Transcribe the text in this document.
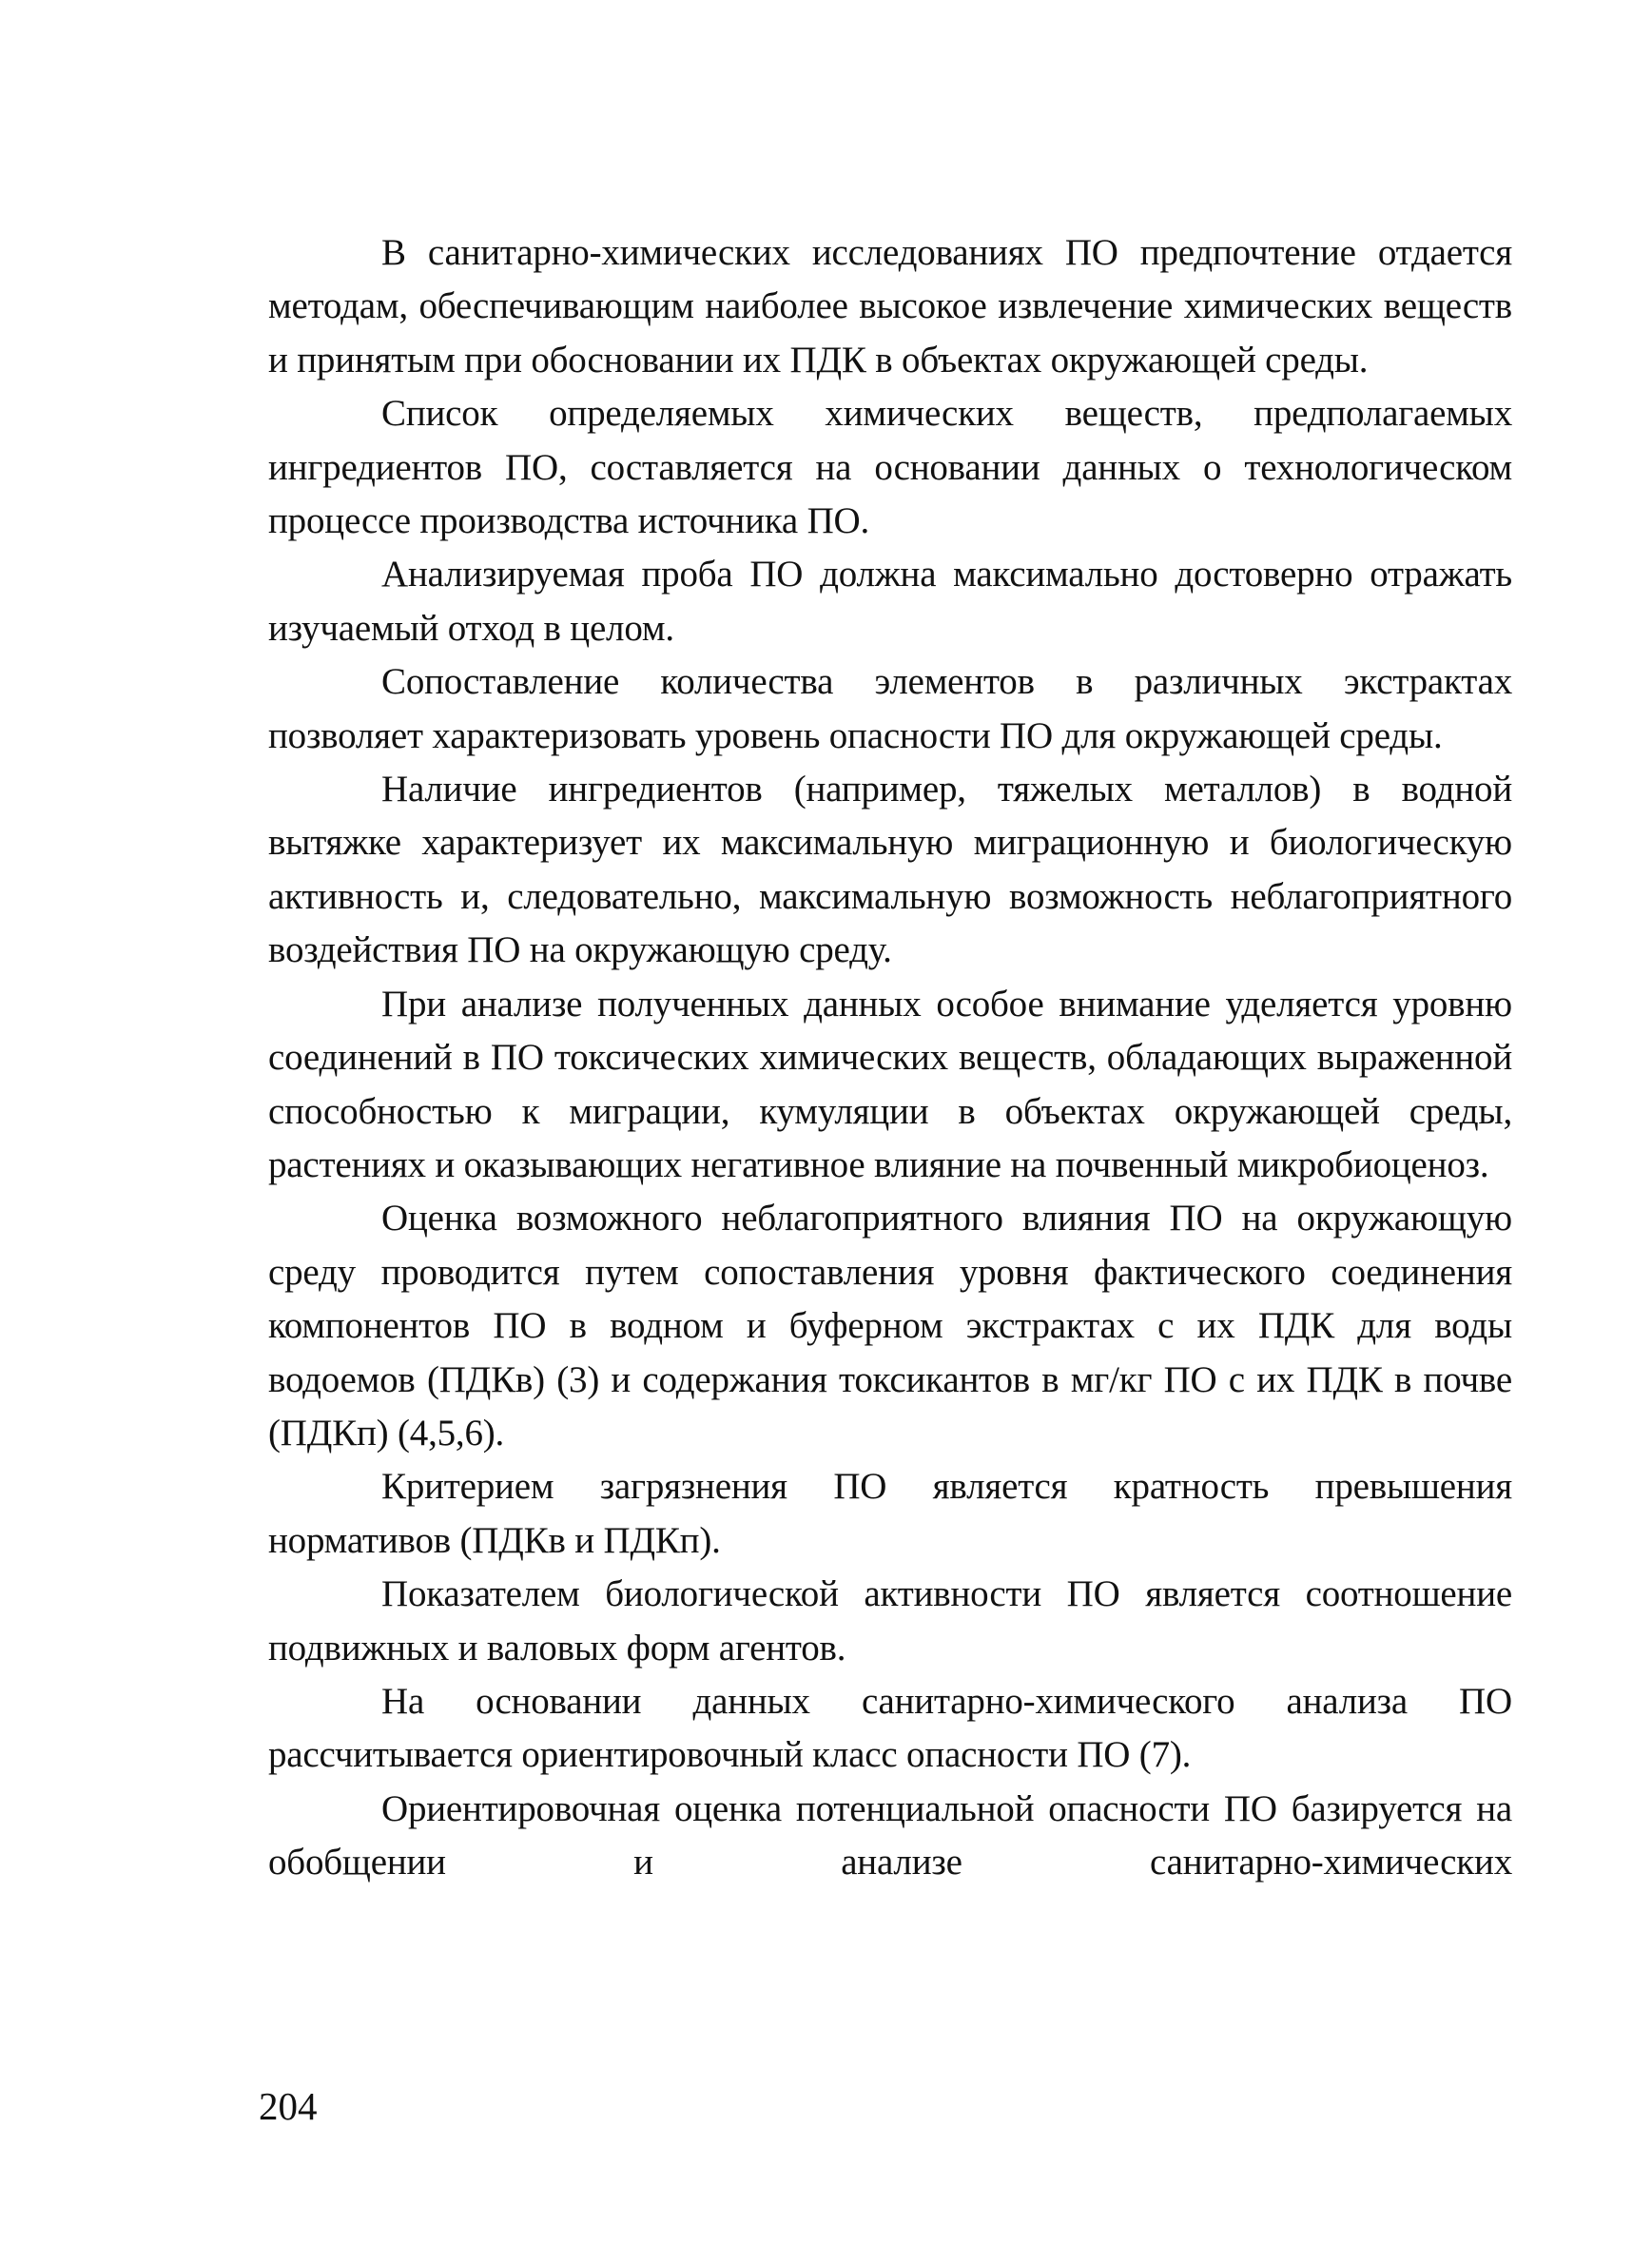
В санитарно-химических исследованиях ПО предпочтение отдается методам, обеспечивающим наиболее высокое извлечение химических веществ и принятым при обосновании их ПДК в объектах окружающей среды.

Список определяемых химических веществ, предполагаемых ингредиентов ПО, составляется на основании данных о технологическом процессе производства источника ПО.

Анализируемая проба ПО должна максимально достоверно отражать изучаемый отход в целом.

Сопоставление количества элементов в различных экстрактах позволяет характеризовать уровень опасности ПО для окружающей среды.

Наличие ингредиентов (например, тяжелых металлов) в водной вытяжке характеризует их максимальную миграционную и биологическую активность и, следовательно, максимальную возможность неблагоприятного воздействия ПО на окружающую среду.

При анализе полученных данных особое внимание уделяется уровню соединений в ПО токсических химических веществ, обладающих выраженной способностью к миграции, кумуляции в объектах окружающей среды, растениях и оказывающих негативное влияние на почвенный микробиоценоз.

Оценка возможного неблагоприятного влияния ПО на окружающую среду проводится путем сопоставления уровня фактического соединения компонентов ПО в водном и буферном экстрактах с их ПДК для воды водоемов (ПДКв) (3) и содержания токсикантов в мг/кг ПО с их ПДК в почве (ПДКп) (4,5,6).

Критерием загрязнения ПО является кратность превышения нормативов (ПДКв и ПДКп).

Показателем биологической активности ПО является соотношение подвижных и валовых форм агентов.

На основании данных санитарно-химического анализа ПО рассчитывается ориентировочный класс опасности ПО (7).

Ориентировочная оценка потенциальной опасности ПО базируется на обобщении и анализе санитарно-химических

204
